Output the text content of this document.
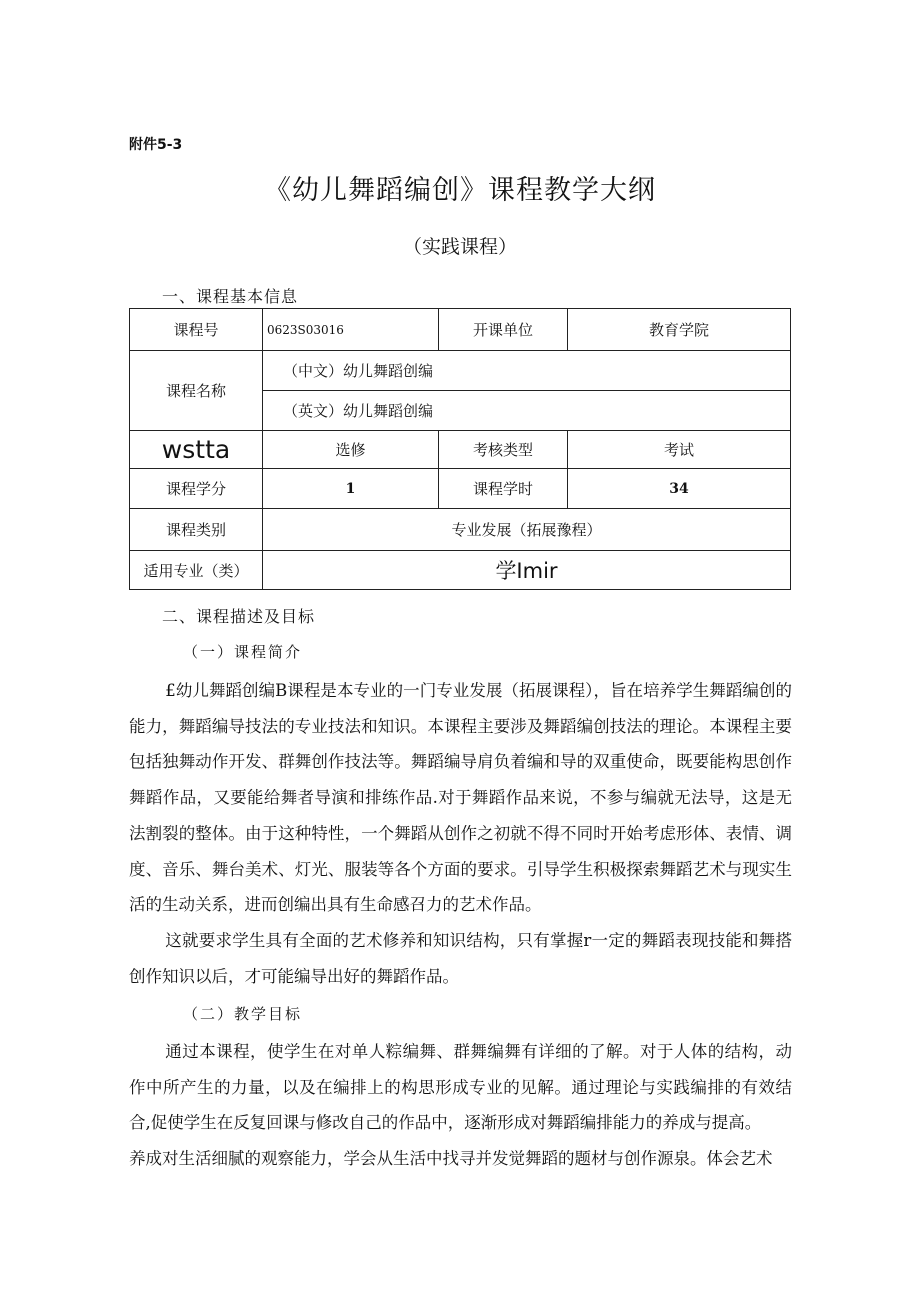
附件5-3
《幼儿舞蹈编创》课程教学大纲
（实践课程）
一、课程基本信息
课程号	0623S03016	开课单位	教育学院
课程名称	（中文）幼儿舞蹈创编		
	（英文）幼儿舞蹈创编		
wstta	选修	考核类型	考试
课程学分	1	课程学时	34
课程类别	专业发展（拓展豫程）		
适用专业（类）	学Imir		
二、课程描述及目标
（一）课程简介

£幼儿舞蹈创编B课程是本专业的一门专业发展（拓展课程），旨在培养学生舞蹈编创的能力，舞蹈编导技法的专业技法和知识。本课程主要涉及舞蹈编创技法的理论。本课程主要包括独舞动作开发、群舞创作技法等。舞蹈编导肩负着编和导的双重使命，既要能构思创作舞蹈作品，又要能给舞者导演和排练作品.对于舞蹈作品来说，不参与编就无法导，这是无法割裂的整体。由于这种特性，一个舞蹈从创作之初就不得不同时开始考虑形体、表情、调度、音乐、舞台美术、灯光、服装等各个方面的要求。引导学生积极探索舞蹈艺术与现实生活的生动关系，进而创编出具有生命感召力的艺术作品。

这就要求学生具有全面的艺术修养和知识结构，只有掌握r一定的舞蹈表现技能和舞搭创作知识以后，才可能编导出好的舞蹈作品。

（二）教学目标

通过本课程，使学生在对单人粽编舞、群舞编舞有详细的了解。对于人体的结构，动作中所产生的力量，以及在编排上的构思形成专业的见解。通过理论与实践编排的有效结合,促使学生在反复回课与修改自己的作品中，逐渐形成对舞蹈编排能力的养成与提高。

养成对生活细腻的观察能力，学会从生活中找寻并发觉舞蹈的题材与创作源泉。体会艺术
